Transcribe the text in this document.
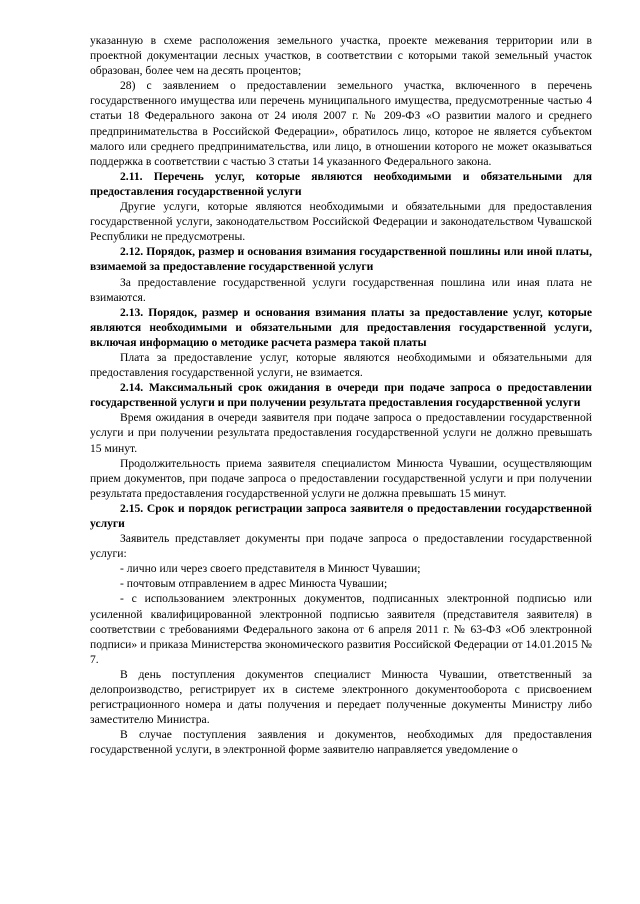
указанную в схеме расположения земельного участка, проекте межевания территории или в проектной документации лесных участков, в соответствии с которыми такой земельный участок образован, более чем на десять процентов;

28) с заявлением о предоставлении земельного участка, включенного в перечень государственного имущества или перечень муниципального имущества, предусмотренные частью 4 статьи 18 Федерального закона от 24 июля 2007 г. № 209-ФЗ «О развитии малого и среднего предпринимательства в Российской Федерации», обратилось лицо, которое не является субъектом малого или среднего предпринимательства, или лицо, в отношении которого не может оказываться поддержка в соответствии с частью 3 статьи 14 указанного Федерального закона.

2.11. Перечень услуг, которые являются необходимыми и обязательными для предоставления государственной услуги

Другие услуги, которые являются необходимыми и обязательными для предоставления государственной услуги, законодательством Российской Федерации и законодательством Чувашской Республики не предусмотрены.

2.12. Порядок, размер и основания взимания государственной пошлины или иной платы, взимаемой за предоставление государственной услуги

За предоставление государственной услуги государственная пошлина или иная плата не взимаются.

2.13. Порядок, размер и основания взимания платы за предоставление услуг, которые являются необходимыми и обязательными для предоставления государственной услуги, включая информацию о методике расчета размера такой платы

Плата за предоставление услуг, которые являются необходимыми и обязательными для предоставления государственной услуги, не взимается.

2.14. Максимальный срок ожидания в очереди при подаче запроса о предоставлении государственной услуги и при получении результата предоставления государственной услуги

Время ожидания в очереди заявителя при подаче запроса о предоставлении государственной услуги и при получении результата предоставления государственной услуги не должно превышать 15 минут.

Продолжительность приема заявителя специалистом Минюста Чувашии, осуществляющим прием документов, при подаче запроса о предоставлении государственной услуги и при получении результата предоставления государственной услуги не должна превышать 15 минут.

2.15. Срок и порядок регистрации запроса заявителя о предоставлении государственной услуги

Заявитель представляет документы при подаче запроса о предоставлении государственной услуги:

- лично или через своего представителя в Минюст Чувашии;

- почтовым отправлением в адрес Минюста Чувашии;

- с использованием электронных документов, подписанных электронной подписью или усиленной квалифицированной электронной подписью заявителя (представителя заявителя) в соответствии с требованиями Федерального закона от 6 апреля 2011 г. № 63-ФЗ «Об электронной подписи» и приказа Министерства экономического развития Российской Федерации от 14.01.2015 № 7.

В день поступления документов специалист Минюста Чувашии, ответственный за делопроизводство, регистрирует их в системе электронного документооборота с присвоением регистрационного номера и даты получения и передает полученные документы Министру либо заместителю Министра.

В случае поступления заявления и документов, необходимых для предоставления государственной услуги, в электронной форме заявителю направляется уведомление о
